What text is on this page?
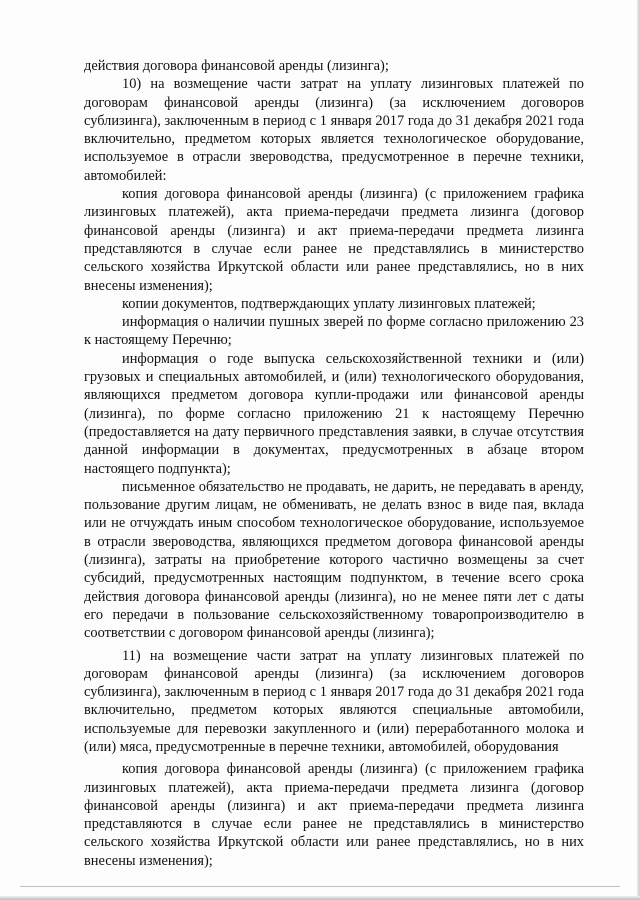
действия договора финансовой аренды (лизинга);

10) на возмещение части затрат на уплату лизинговых платежей по договорам финансовой аренды (лизинга) (за исключением договоров сублизинга), заключенным в период с 1 января 2017 года до 31 декабря 2021 года включительно, предметом которых является технологическое оборудование, используемое в отрасли звероводства, предусмотренное в перечне техники, автомобилей:

копия договора финансовой аренды (лизинга) (с приложением графика лизинговых платежей), акта приема-передачи предмета лизинга (договор финансовой аренды (лизинга) и акт приема-передачи предмета лизинга представляются в случае если ранее не представлялись в министерство сельского хозяйства Иркутской области или ранее представлялись, но в них внесены изменения);

копии документов, подтверждающих уплату лизинговых платежей;

информация о наличии пушных зверей по форме согласно приложению 23 к настоящему Перечню;

информация о годе выпуска сельскохозяйственной техники и (или) грузовых и специальных автомобилей, и (или) технологического оборудования, являющихся предметом договора купли-продажи или финансовой аренды (лизинга), по форме согласно приложению 21 к настоящему Перечню (предоставляется на дату первичного представления заявки, в случае отсутствия данной информации в документах, предусмотренных в абзаце втором настоящего подпункта);

письменное обязательство не продавать, не дарить, не передавать в аренду, пользование другим лицам, не обменивать, не делать взнос в виде пая, вклада или не отчуждать иным способом технологическое оборудование, используемое в отрасли звероводства, являющихся предметом договора финансовой аренды (лизинга), затраты на приобретение которого частично возмещены за счет субсидий, предусмотренных настоящим подпунктом, в течение всего срока действия договора финансовой аренды (лизинга), но не менее пяти лет с даты его передачи в пользование сельскохозяйственному товаропроизводителю в соответствии с договором финансовой аренды (лизинга);

11) на возмещение части затрат на уплату лизинговых платежей по договорам финансовой аренды (лизинга) (за исключением договоров сублизинга), заключенным в период с 1 января 2017 года до 31 декабря 2021 года включительно, предметом которых являются специальные автомобили, используемые для перевозки закупленного и (или) переработанного молока и (или) мяса, предусмотренные в перечне техники, автомобилей, оборудования

копия договора финансовой аренды (лизинга) (с приложением графика лизинговых платежей), акта приема-передачи предмета лизинга (договор финансовой аренды (лизинга) и акт приема-передачи предмета лизинга представляются в случае если ранее не представлялись в министерство сельского хозяйства Иркутской области или ранее представлялись, но в них внесены изменения);
